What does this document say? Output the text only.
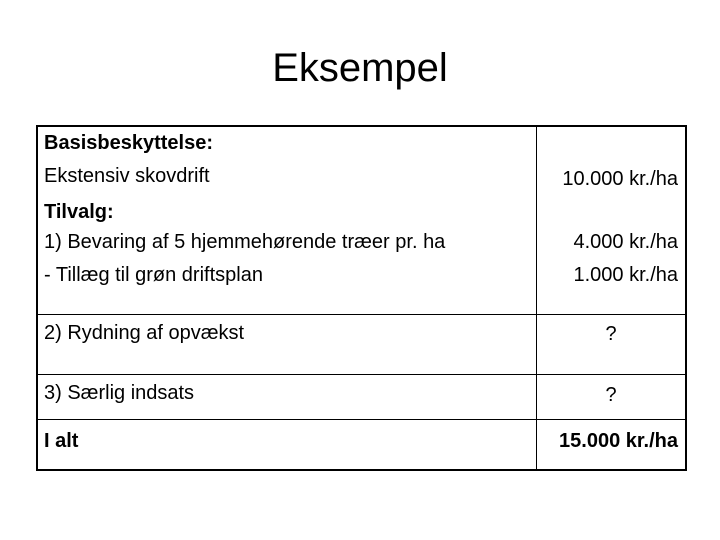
Eksempel
Basisbeskyttelse:
Ekstensiv skovdrift	10.000 kr./ha
Tilvalg:
1) Bevaring af 5 hjemmehørende træer pr. ha	4.000 kr./ha
- Tillæg til grøn driftsplan	1.000 kr./ha
2) Rydning af opvækst	?
3) Særlig indsats	?
I alt	15.000 kr./ha
